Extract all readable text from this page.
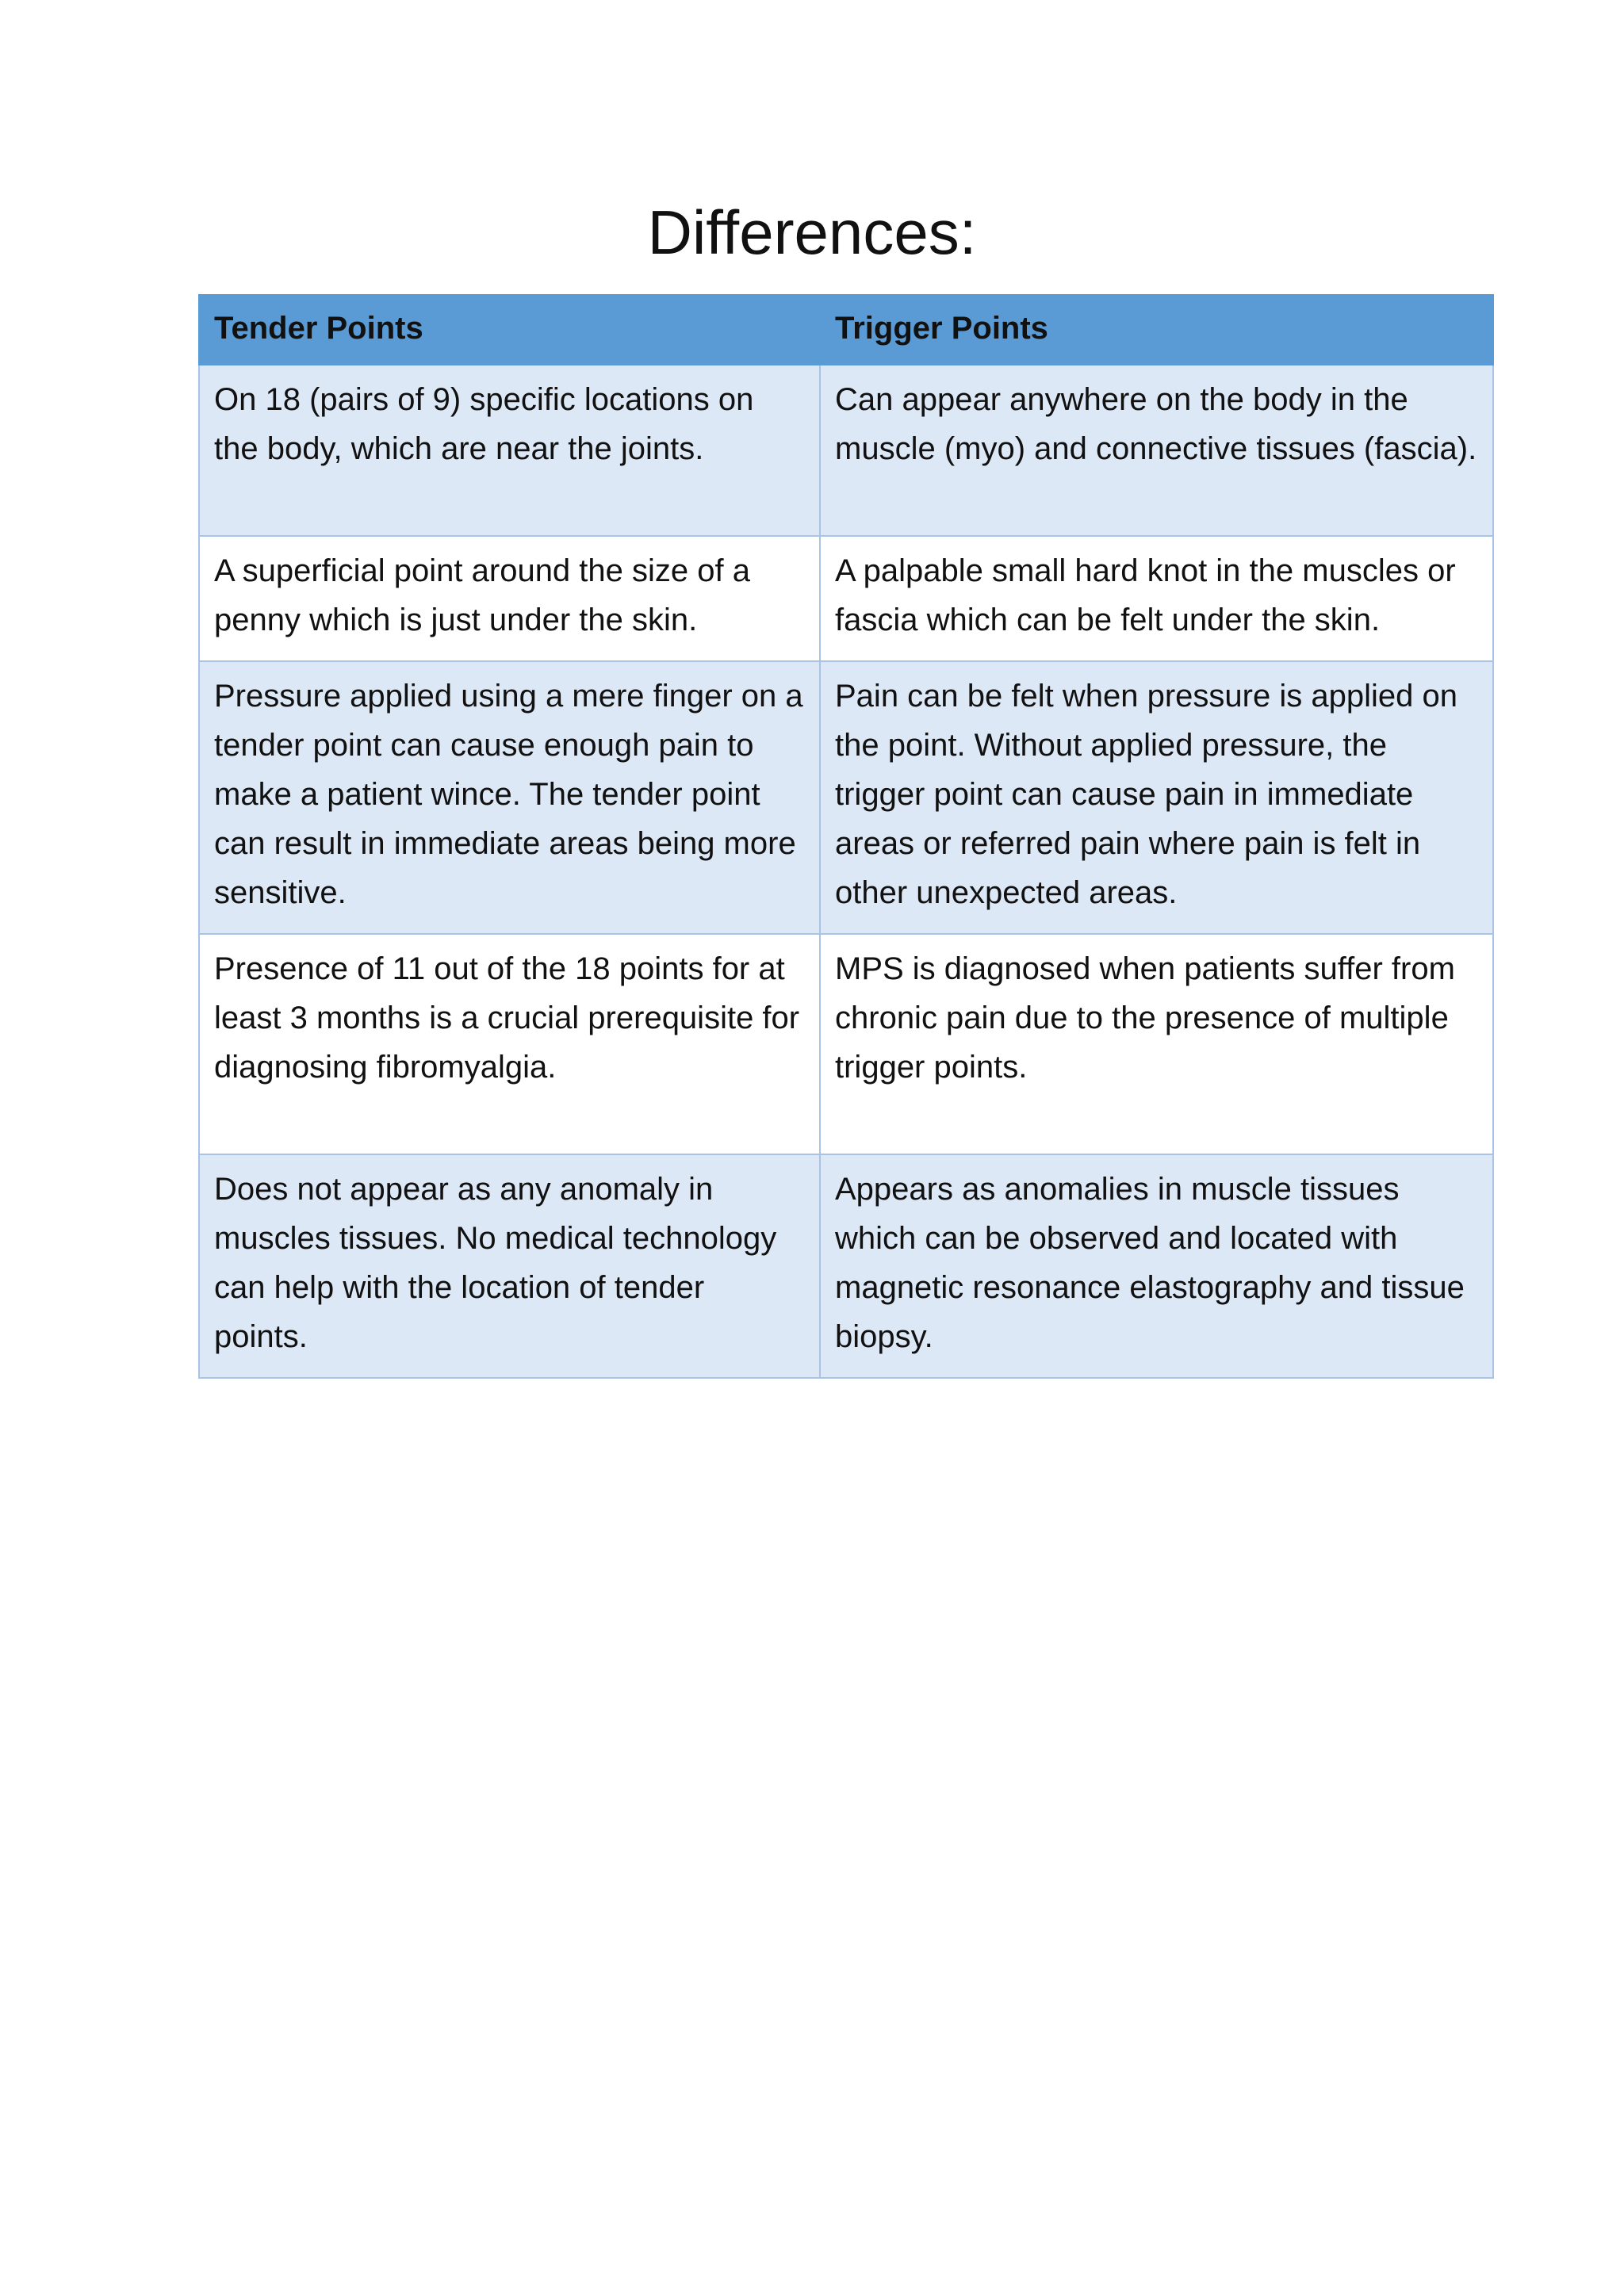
Differences:
Tender Points	Trigger Points
On 18 (pairs of 9) specific locations on the body, which are near the joints.	Can appear anywhere on the body in the muscle (myo) and connective tissues (fascia).
A superficial point around the size of a penny which is just under the skin.	A palpable small hard knot in the muscles or fascia which can be felt under the skin.
Pressure applied using a mere finger on a tender point can cause enough pain to make a patient wince. The tender point can result in immediate areas being more sensitive.	Pain can be felt when pressure is applied on the point. Without applied pressure, the trigger point can cause pain in immediate areas or referred pain where pain is felt in other unexpected areas.
Presence of 11 out of the 18 points for at least 3 months is a crucial prerequisite for diagnosing fibromyalgia.	MPS is diagnosed when patients suffer from chronic pain due to the presence of multiple trigger points.
Does not appear as any anomaly in muscles tissues. No medical technology can help with the location of tender points.	Appears as anomalies in muscle tissues which can be observed and located with magnetic resonance elastography and tissue biopsy.
